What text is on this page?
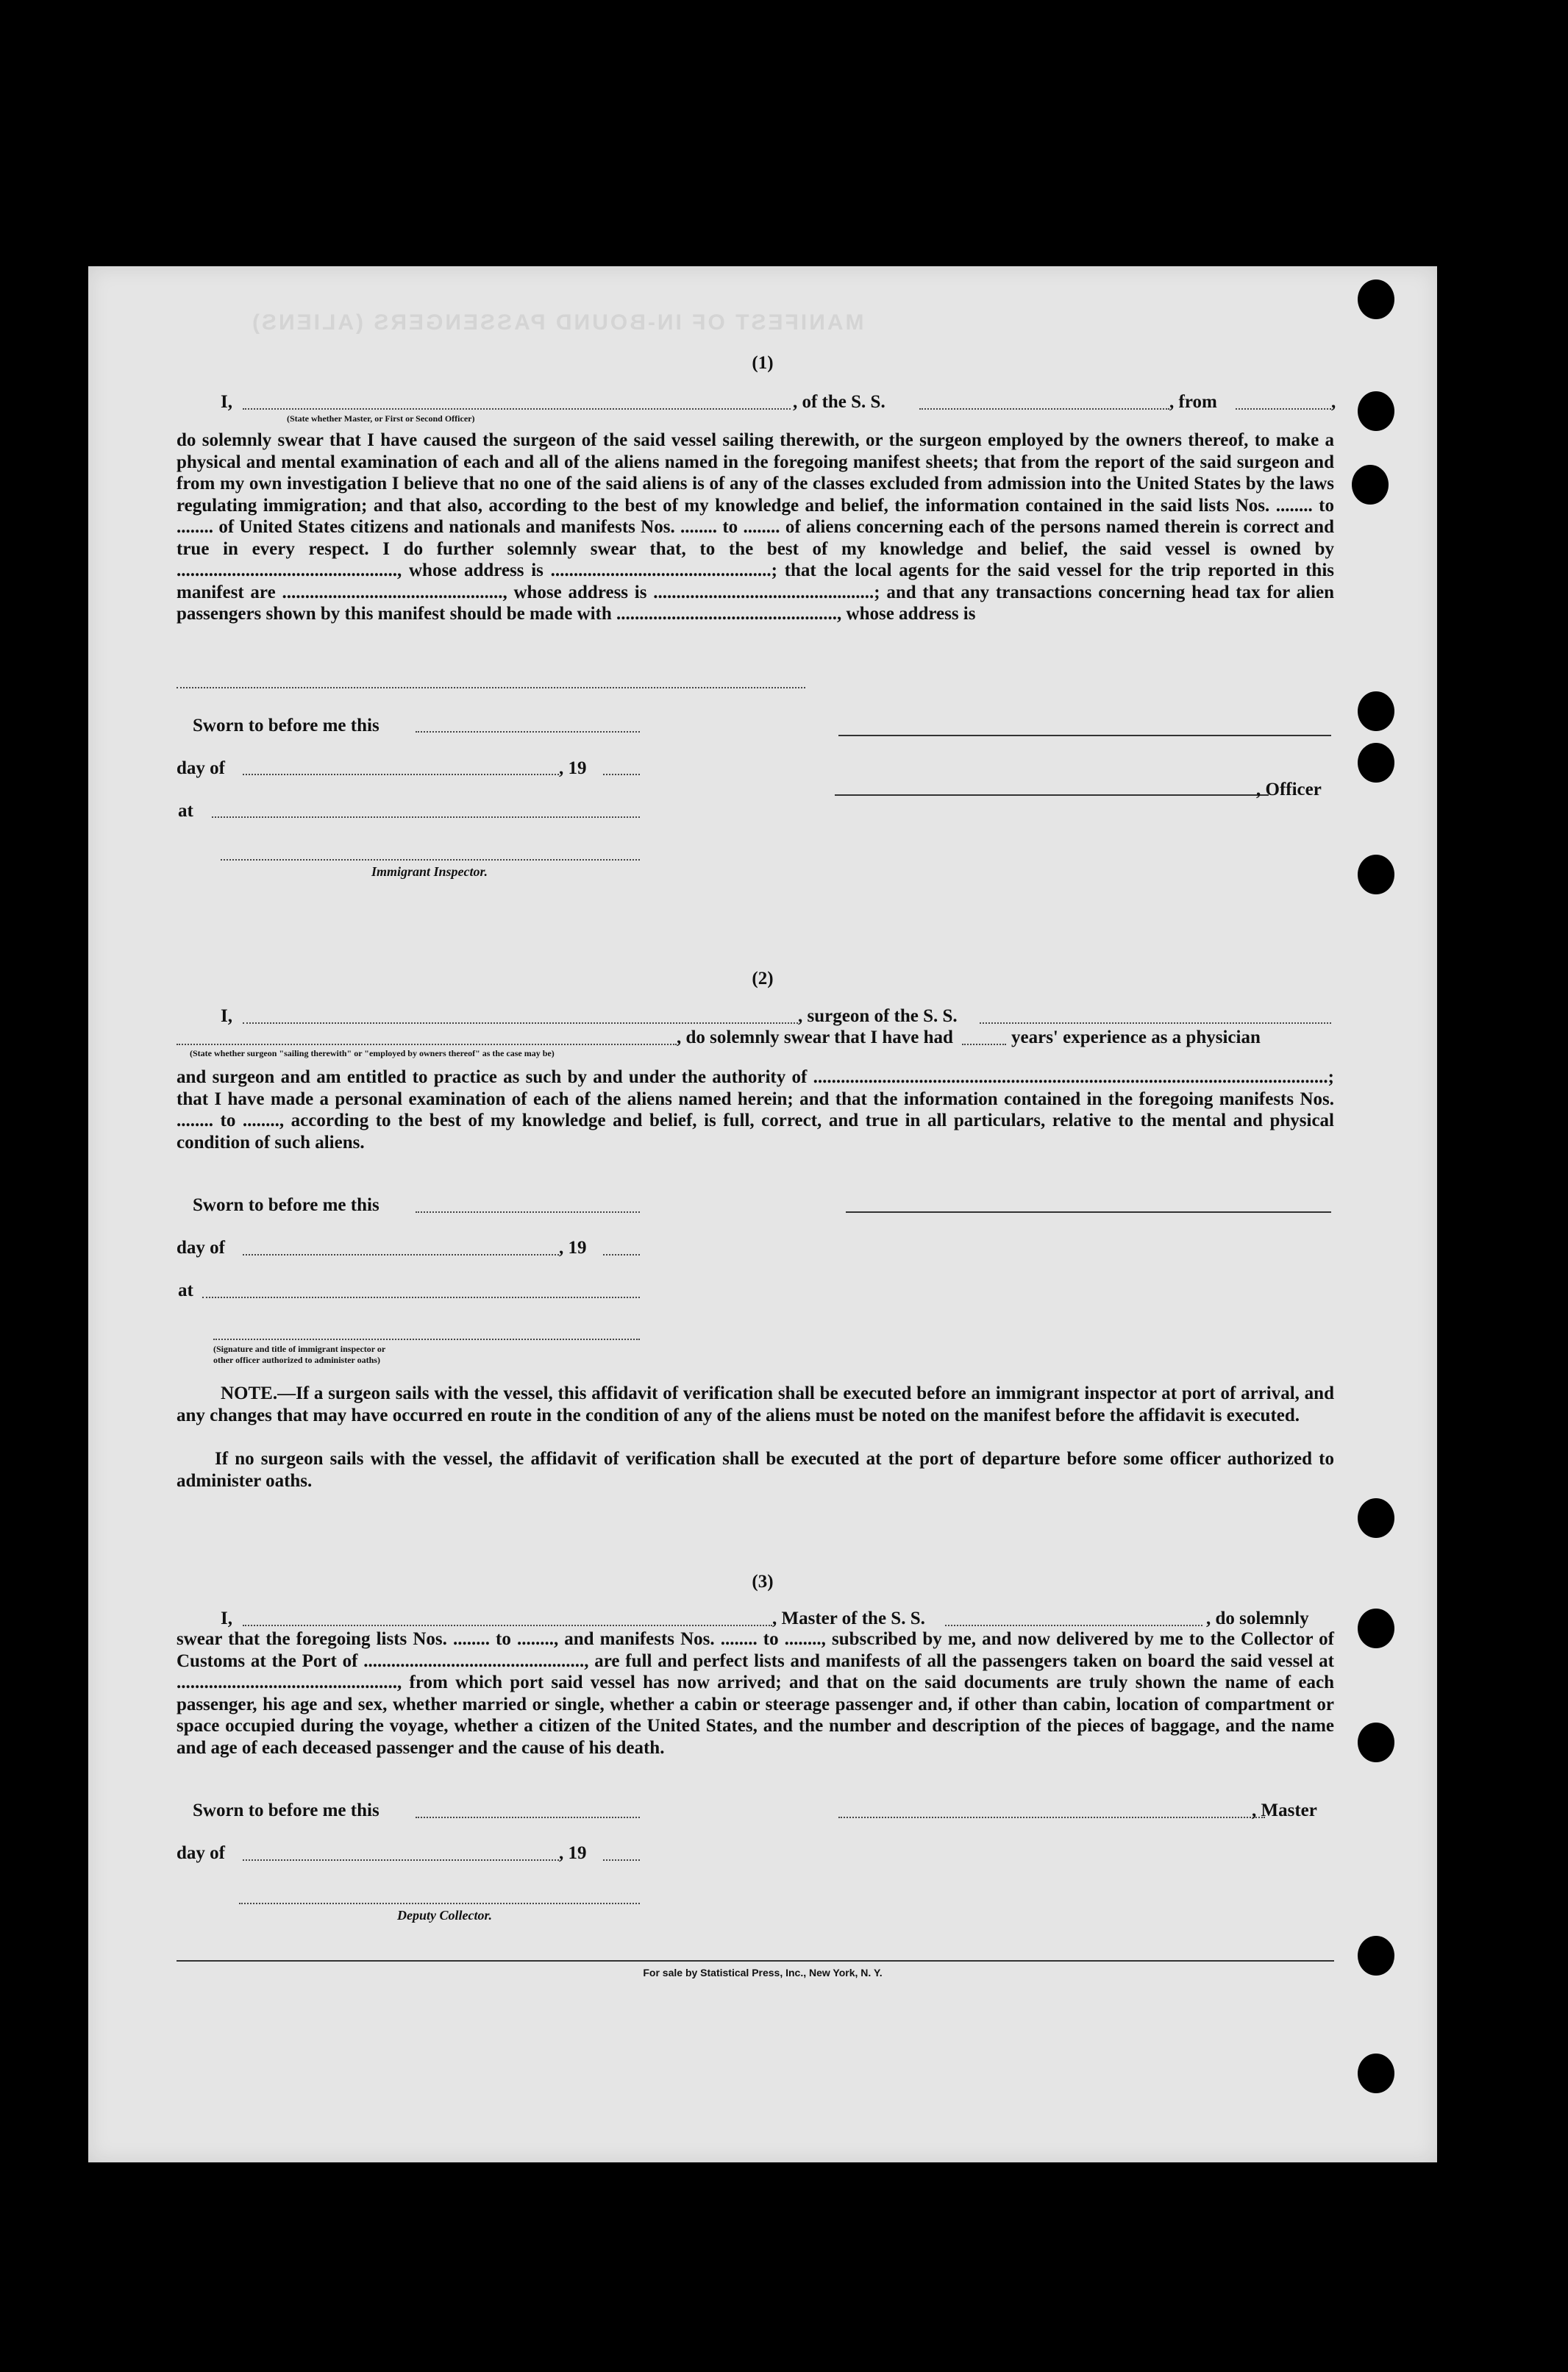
MANIFEST OF IN-BOUND PASSENGERS (ALIENS)
(1)
I,	, of the S. S.	, from	,
(State whether Master, or First or Second Officer)
do solemnly swear that I have caused the surgeon of the said vessel sailing therewith, or the surgeon employed by the owners thereof, to make a physical and mental examination of each and all of the aliens named in the foregoing manifest sheets; that from the report of the said surgeon and from my own investigation I believe that no one of the said aliens is of any of the classes excluded from admission into the United States by the laws regulating immigration; and that also, according to the best of my knowledge and belief, the information contained in the said lists Nos. ........ to ........ of United States citizens and nationals and manifests Nos. ........ to ........ of aliens concerning each of the persons named therein is correct and true in every respect. I do further solemnly swear that, to the best of my knowledge and belief, the said vessel is owned by ................................................, whose address is ................................................; that the local agents for the said vessel for the trip reported in this manifest are ................................................, whose address is ................................................; and that any transactions concerning head tax for alien passengers shown by this manifest should be made with ................................................, whose address is
Sworn to before me this
day of	, 19
, Officer
at
Immigrant Inspector.
(2)
I,	, surgeon of the S. S.
, do solemnly swear that I have had	years' experience as a physician
(State whether surgeon "sailing therewith" or "employed by owners thereof" as the case may be)
and surgeon and am entitled to practice as such by and under the authority of ................................................................................................................; that I have made a personal examination of each of the aliens named herein; and that the information contained in the foregoing manifests Nos. ........ to ........, according to the best of my knowledge and belief, is full, correct, and true in all particulars, relative to the mental and physical condition of such aliens.
Sworn to before me this
day of	, 19
at
(Signature and title of immigrant inspector or
other officer authorized to administer oaths)
NOTE.—If a surgeon sails with the vessel, this affidavit of verification shall be executed before an immigrant inspector at port of arrival, and any changes that may have occurred en route in the condition of any of the aliens must be noted on the manifest before the affidavit is executed.
If no surgeon sails with the vessel, the affidavit of verification shall be executed at the port of departure before some officer authorized to administer oaths.
(3)
I,	, Master of the S. S.	, do solemnly
swear that the foregoing lists Nos. ........ to ........, and manifests Nos. ........ to ........, subscribed by me, and now delivered by me to the Collector of Customs at the Port of ................................................, are full and perfect lists and manifests of all the passengers taken on board the said vessel at ................................................, from which port said vessel has now arrived; and that on the said documents are truly shown the name of each passenger, his age and sex, whether married or single, whether a cabin or steerage passenger and, if other than cabin, location of compartment or space occupied during the voyage, whether a citizen of the United States, and the number and description of the pieces of baggage, and the name and age of each deceased passenger and the cause of his death.
Sworn to before me this	, Master
day of	, 19
Deputy Collector.
For sale by Statistical Press, Inc., New York, N. Y.
